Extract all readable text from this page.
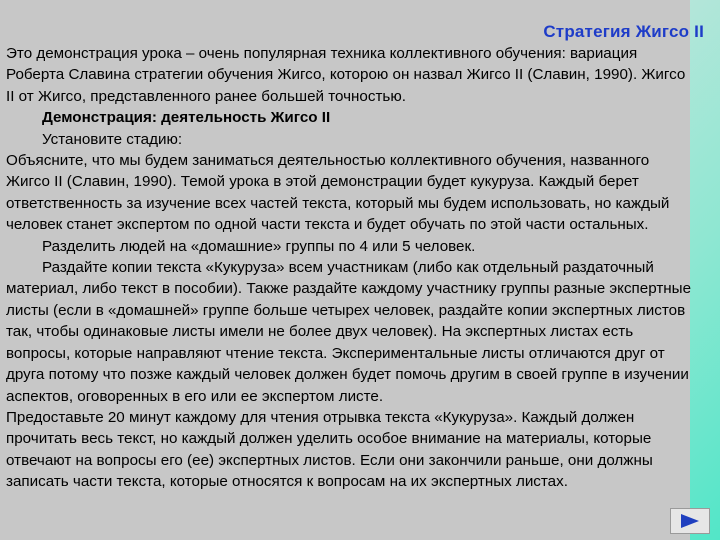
Стратегия Жигсо II

Это демонстрация урока – очень популярная техника коллективного обучения: вариация Роберта Славина стратегии обучения Жигсо, которою он назвал Жигсо II (Славин, 1990). Жигсо II от Жигсо, представленного ранее большей точностью.

Демонстрация: деятельность Жигсо II

Установите стадию:

Объясните, что мы будем заниматься деятельностью коллективного обучения, названного Жигсо II (Славин, 1990). Темой урока в этой демонстрации будет кукуруза. Каждый берет ответственность за изучение всех частей текста, который мы будем использовать, но каждый человек станет экспертом по одной части текста и будет обучать по этой части остальных.

Разделить людей на «домашние» группы по 4 или 5 человек.

Раздайте копии текста «Кукуруза» всем участникам (либо как отдельный раздаточный материал, либо текст в пособии). Также раздайте каждому участнику группы разные экспертные листы (если в «домашней» группе больше четырех человек, раздайте копии экспертных листов так, чтобы одинаковые листы имели не более двух человек). На экспертных листах есть вопросы, которые направляют чтение текста. Экспериментальные листы отличаются друг от друга потому что позже каждый человек должен будет помочь другим в своей группе в изучении аспектов, оговоренных в его или ее экспертом листе.

Предоставьте 20 минут каждому для чтения отрывка текста «Кукуруза». Каждый должен прочитать весь текст, но каждый должен уделить особое внимание на материалы, которые отвечают на вопросы его (ее) экспертных листов. Если они закончили раньше, они должны записать части текста, которые относятся к вопросам на их экспертных листах.
